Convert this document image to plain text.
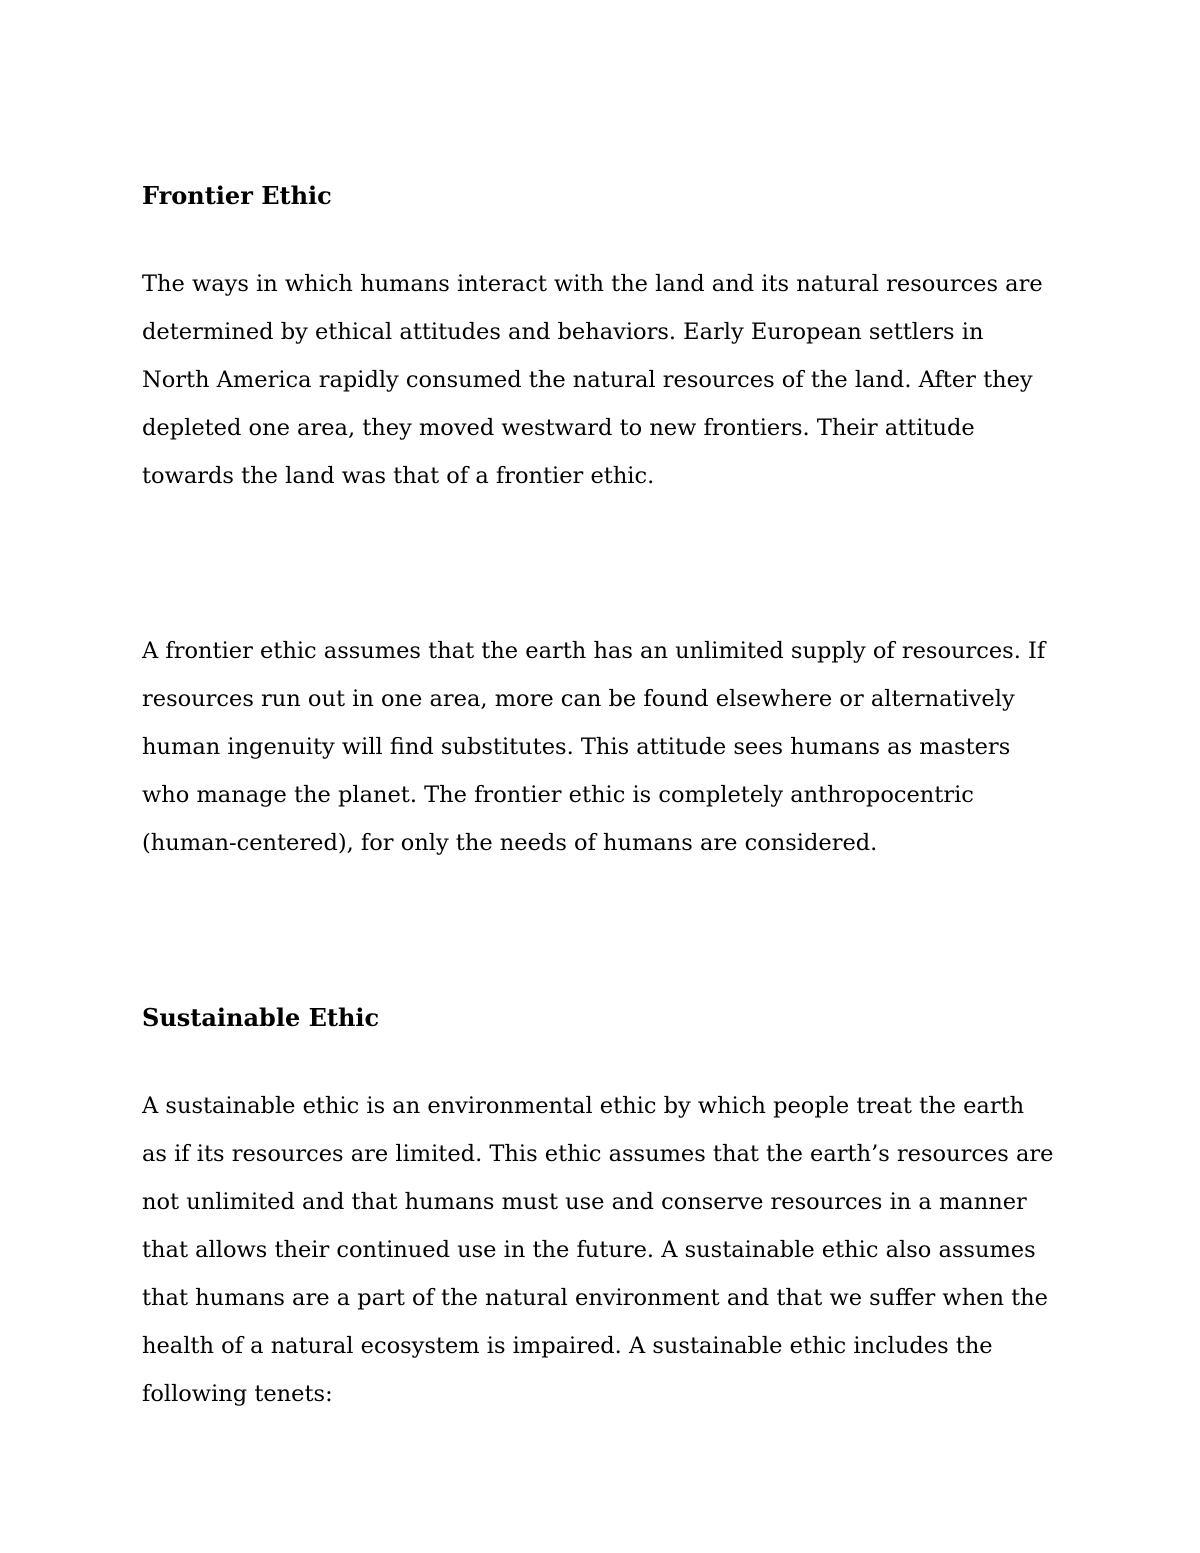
Frontier Ethic
The ways in which humans interact with the land and its natural resources are
determined by ethical attitudes and behaviors. Early European settlers in
North America rapidly consumed the natural resources of the land. After they
depleted one area, they moved westward to new frontiers. Their attitude
towards the land was that of a frontier ethic.
A frontier ethic assumes that the earth has an unlimited supply of resources. If
resources run out in one area, more can be found elsewhere or alternatively
human ingenuity will find substitutes. This attitude sees humans as masters
who manage the planet. The frontier ethic is completely anthropocentric
(human-centered), for only the needs of humans are considered.
Sustainable Ethic
A sustainable ethic is an environmental ethic by which people treat the earth
as if its resources are limited. This ethic assumes that the earth’s resources are
not unlimited and that humans must use and conserve resources in a manner
that allows their continued use in the future. A sustainable ethic also assumes
that humans are a part of the natural environment and that we suffer when the
health of a natural ecosystem is impaired. A sustainable ethic includes the
following tenets:
